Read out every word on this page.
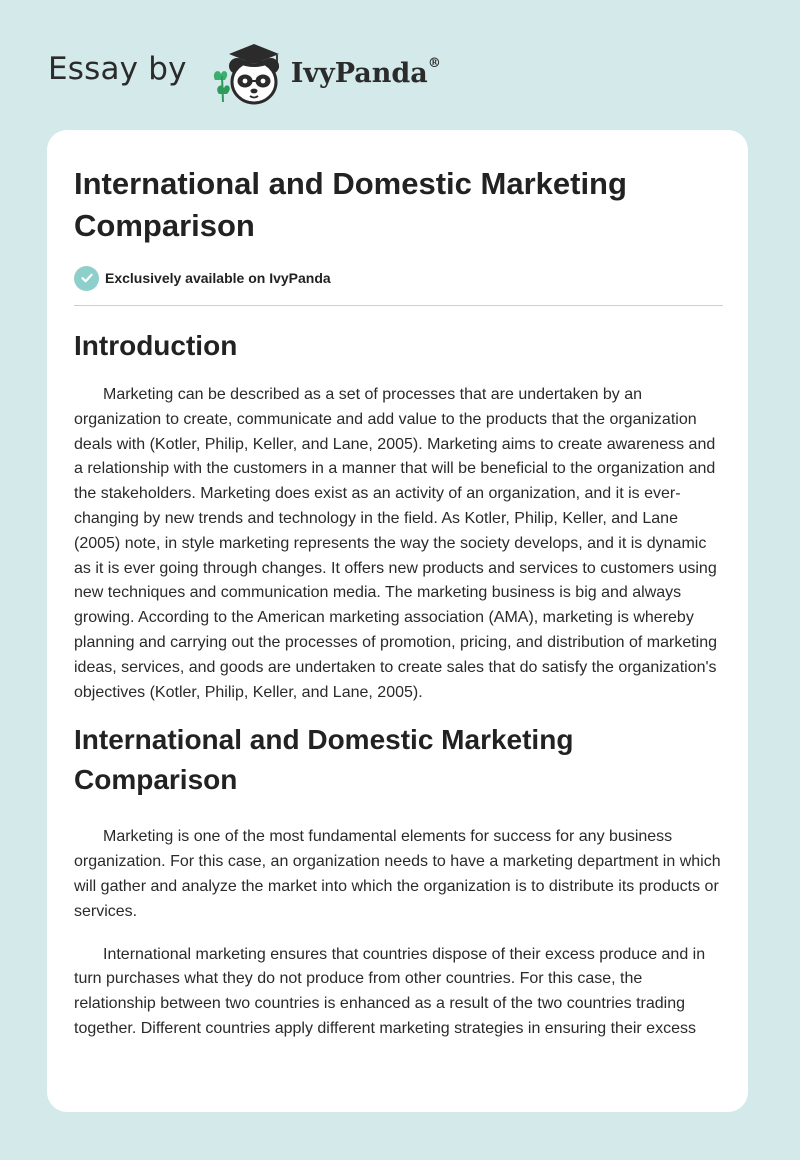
Essay by	IvyPanda®
International and Domestic Marketing Comparison
Exclusively available on IvyPanda
Introduction

Marketing can be described as a set of processes that are undertaken by an organization to create, communicate and add value to the products that the organization deals with (Kotler, Philip, Keller, and Lane, 2005). Marketing aims to create awareness and a relationship with the customers in a manner that will be beneficial to the organization and the stakeholders. Marketing does exist as an activity of an organization, and it is ever-changing by new trends and technology in the field. As Kotler, Philip, Keller, and Lane (2005) note, in style marketing represents the way the society develops, and it is dynamic as it is ever going through changes. It offers new products and services to customers using new techniques and communication media. The marketing business is big and always growing. According to the American marketing association (AMA), marketing is whereby planning and carrying out the processes of promotion, pricing, and distribution of marketing ideas, services, and goods are undertaken to create sales that do satisfy the organization's objectives (Kotler, Philip, Keller, and Lane, 2005).

International and Domestic Marketing Comparison

Marketing is one of the most fundamental elements for success for any business organization. For this case, an organization needs to have a marketing department in which will gather and analyze the market into which the organization is to distribute its products or services.

International marketing ensures that countries dispose of their excess produce and in turn purchases what they do not produce from other countries. For this case, the relationship between two countries is enhanced as a result of the two countries trading together. Different countries apply different marketing strategies in ensuring their excess
